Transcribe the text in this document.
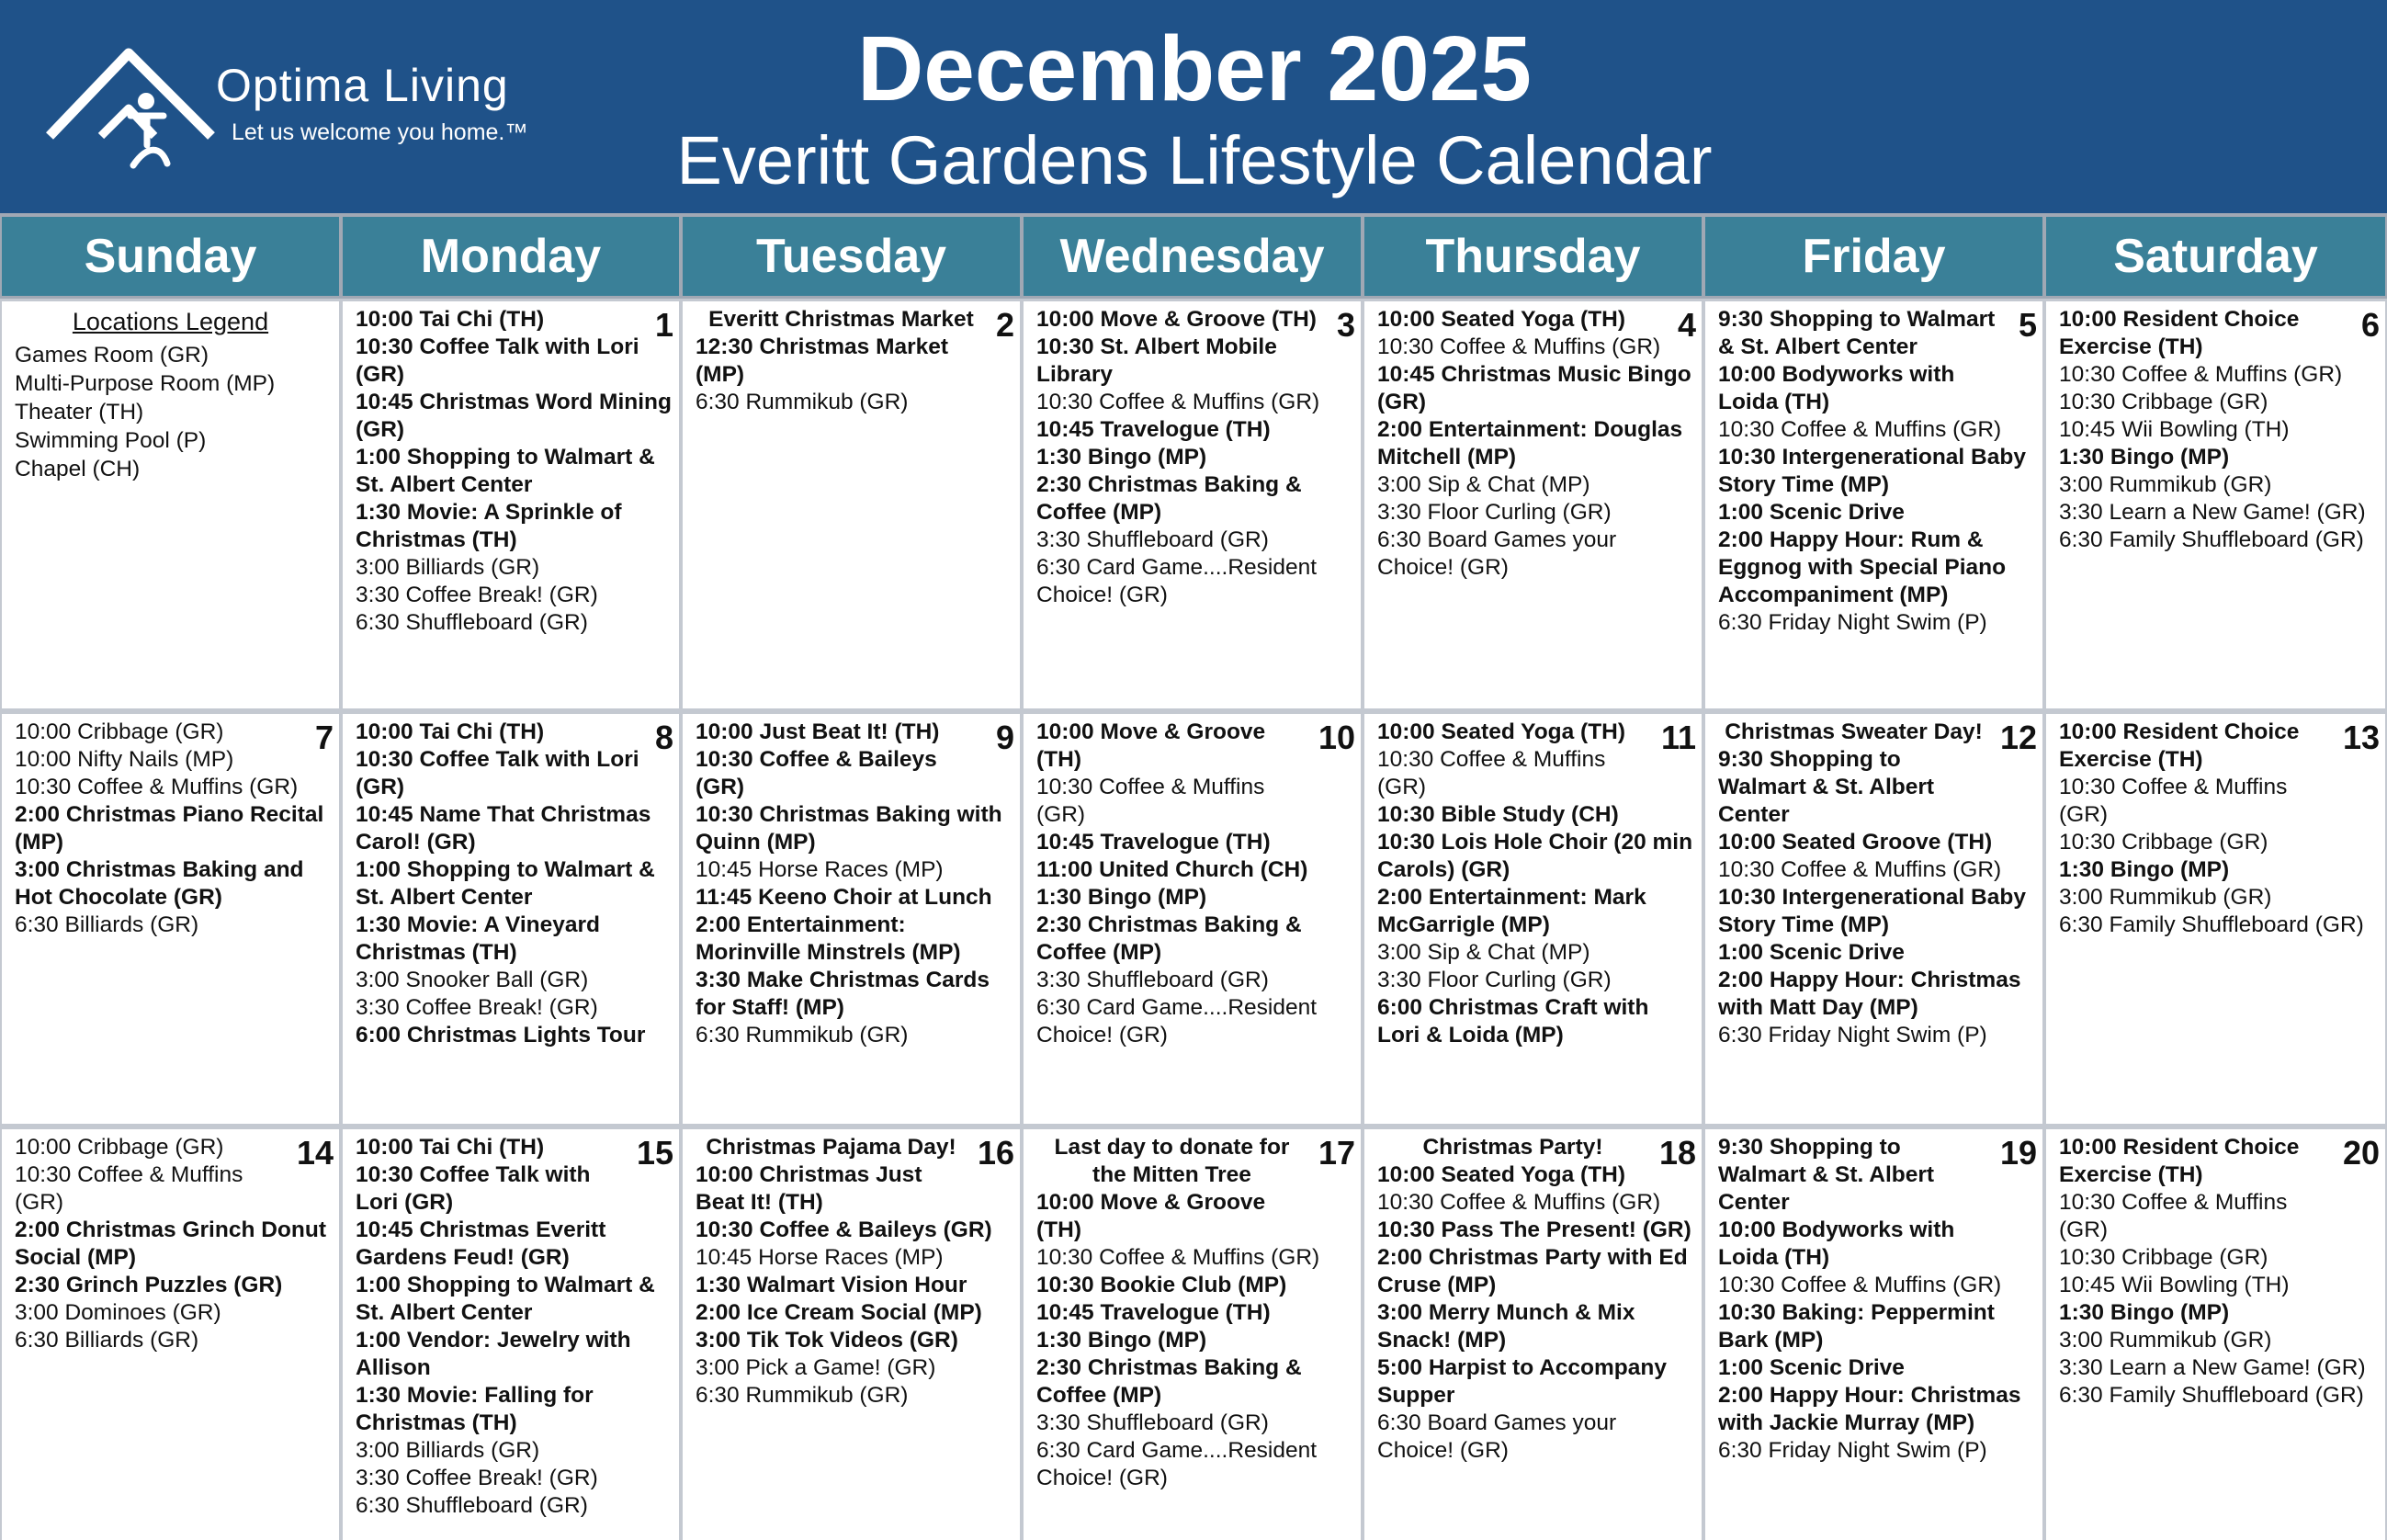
Optima Living
Let us welcome you home.™
December 2025
Everitt Gardens Lifestyle Calendar
Sunday	Monday	Tuesday	Wednesday	Thursday	Friday	Saturday
Locations Legend
Games Room (GR)
Multi-Purpose Room (MP)
Theater (TH)
Swimming Pool (P)
Chapel (CH)
1
10:00 Tai Chi (TH)
10:30 Coffee Talk with Lori (GR)
10:45 Christmas Word Mining (GR)
1:00 Shopping to Walmart & St. Albert Center
1:30 Movie: A Sprinkle of Christmas (TH)
3:00 Billiards (GR)
3:30 Coffee Break! (GR)
6:30 Shuffleboard (GR)
2
Everitt Christmas Market
12:30 Christmas Market (MP)
6:30 Rummikub (GR)
3
10:00 Move & Groove (TH)
10:30 St. Albert Mobile Library
10:30 Coffee & Muffins (GR)
10:45 Travelogue (TH)
1:30 Bingo (MP)
2:30 Christmas Baking & Coffee (MP)
3:30 Shuffleboard (GR)
6:30 Card Game....Resident Choice! (GR)
4
10:00 Seated Yoga (TH)
10:30 Coffee & Muffins (GR)
10:45 Christmas Music Bingo (GR)
2:00 Entertainment: Douglas Mitchell (MP)
3:00 Sip & Chat (MP)
3:30 Floor Curling (GR)
6:30 Board Games your Choice! (GR)
5
9:30 Shopping to Walmart & St. Albert Center
10:00 Bodyworks with Loida (TH)
10:30 Coffee & Muffins (GR)
10:30 Intergenerational Baby Story Time (MP)
1:00 Scenic Drive
2:00 Happy Hour: Rum & Eggnog with Special Piano Accompaniment (MP)
6:30 Friday Night Swim (P)
6
10:00 Resident Choice Exercise (TH)
10:30 Coffee & Muffins (GR)
10:30 Cribbage (GR)
10:45 Wii Bowling (TH)
1:30 Bingo (MP)
3:00 Rummikub (GR)
3:30 Learn a New Game! (GR)
6:30 Family Shuffleboard (GR)
7
10:00 Cribbage (GR)
10:00 Nifty Nails (MP)
10:30 Coffee & Muffins (GR)
2:00 Christmas Piano Recital (MP)
3:00 Christmas Baking and Hot Chocolate (GR)
6:30 Billiards (GR)
8
10:00 Tai Chi (TH)
10:30 Coffee Talk with Lori (GR)
10:45 Name That Christmas Carol! (GR)
1:00 Shopping to Walmart & St. Albert Center
1:30 Movie: A Vineyard Christmas (TH)
3:00 Snooker Ball (GR)
3:30 Coffee Break! (GR)
6:00 Christmas Lights Tour
9
10:00 Just Beat It! (TH)
10:30 Coffee & Baileys (GR)
10:30 Christmas Baking with Quinn (MP)
10:45 Horse Races (MP)
11:45 Keeno Choir at Lunch
2:00 Entertainment: Morinville Minstrels (MP)
3:30 Make Christmas Cards for Staff! (MP)
6:30 Rummikub (GR)
10
10:00 Move & Groove (TH)
10:30 Coffee & Muffins (GR)
10:45 Travelogue (TH)
11:00 United Church (CH)
1:30 Bingo (MP)
2:30 Christmas Baking & Coffee (MP)
3:30 Shuffleboard (GR)
6:30 Card Game....Resident Choice! (GR)
11
10:00 Seated Yoga (TH)
10:30 Coffee & Muffins (GR)
10:30 Bible Study (CH)
10:30 Lois Hole Choir (20 min Carols) (GR)
2:00 Entertainment: Mark McGarrigle (MP)
3:00 Sip & Chat (MP)
3:30 Floor Curling (GR)
6:00 Christmas Craft with Lori & Loida (MP)
12
Christmas Sweater Day!
9:30 Shopping to Walmart & St. Albert Center
10:00 Seated Groove (TH)
10:30 Coffee & Muffins (GR)
10:30 Intergenerational Baby Story Time (MP)
1:00 Scenic Drive
2:00 Happy Hour: Christmas with Matt Day (MP)
6:30 Friday Night Swim (P)
13
10:00 Resident Choice Exercise (TH)
10:30 Coffee & Muffins (GR)
10:30 Cribbage (GR)
1:30 Bingo (MP)
3:00 Rummikub (GR)
6:30 Family Shuffleboard (GR)
14
10:00 Cribbage (GR)
10:30 Coffee & Muffins (GR)
2:00 Christmas Grinch Donut Social (MP)
2:30 Grinch Puzzles (GR)
3:00 Dominoes (GR)
6:30 Billiards (GR)
15
10:00 Tai Chi (TH)
10:30 Coffee Talk with Lori (GR)
10:45 Christmas Everitt Gardens Feud! (GR)
1:00 Shopping to Walmart & St. Albert Center
1:00 Vendor: Jewelry with Allison
1:30 Movie: Falling for Christmas (TH)
3:00 Billiards (GR)
3:30 Coffee Break! (GR)
6:30 Shuffleboard (GR)
16
Christmas Pajama Day!
10:00 Christmas Just Beat It! (TH)
10:30 Coffee & Baileys (GR)
10:45 Horse Races (MP)
1:30 Walmart Vision Hour
2:00 Ice Cream Social (MP)
3:00 Tik Tok Videos (GR)
3:00 Pick a Game! (GR)
6:30 Rummikub (GR)
17
Last day to donate for the Mitten Tree
10:00 Move & Groove (TH)
10:30 Coffee & Muffins (GR)
10:30 Bookie Club (MP)
10:45 Travelogue (TH)
1:30 Bingo (MP)
2:30 Christmas Baking & Coffee (MP)
3:30 Shuffleboard (GR)
6:30 Card Game....Resident Choice! (GR)
18
Christmas Party!
10:00 Seated Yoga (TH)
10:30 Coffee & Muffins (GR)
10:30 Pass The Present! (GR)
2:00 Christmas Party with Ed Cruse (MP)
3:00 Merry Munch & Mix Snack! (MP)
5:00 Harpist to Accompany Supper
6:30 Board Games your Choice! (GR)
19
9:30 Shopping to Walmart & St. Albert Center
10:00 Bodyworks with Loida (TH)
10:30 Coffee & Muffins (GR)
10:30 Baking: Peppermint Bark (MP)
1:00 Scenic Drive
2:00 Happy Hour: Christmas with Jackie Murray (MP)
6:30 Friday Night Swim (P)
20
10:00 Resident Choice Exercise (TH)
10:30 Coffee & Muffins (GR)
10:30 Cribbage (GR)
10:45 Wii Bowling (TH)
1:30 Bingo (MP)
3:00 Rummikub (GR)
3:30 Learn a New Game! (GR)
6:30 Family Shuffleboard (GR)
